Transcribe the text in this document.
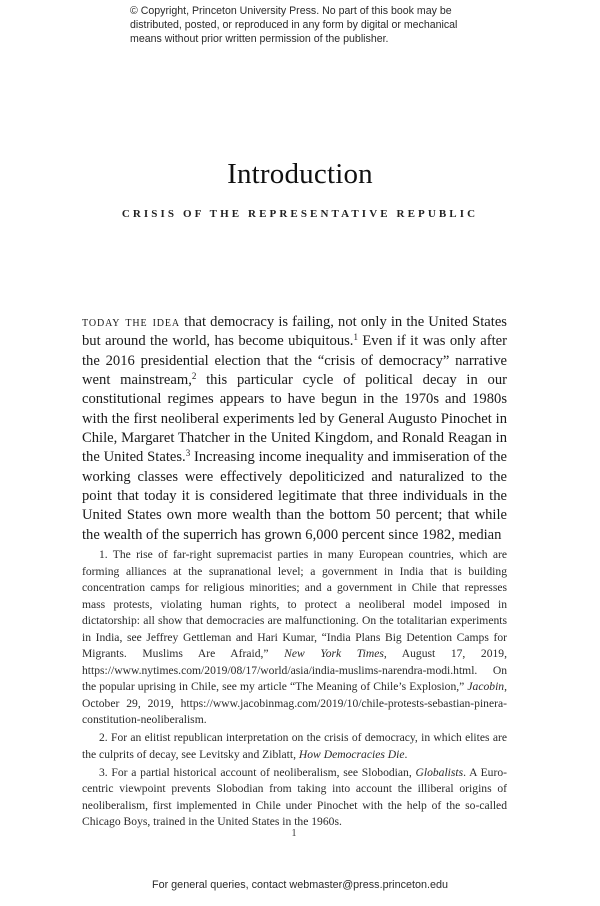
© Copyright, Princeton University Press. No part of this book may be distributed, posted, or reproduced in any form by digital or mechanical means without prior written permission of the publisher.

Introduction
CRISIS OF THE REPRESENTATIVE REPUBLIC

today the idea that democracy is failing, not only in the United States but around the world, has become ubiquitous.$^1$ Even if it was only after the 2016 presidential election that the “crisis of democracy” narrative went mainstream,$^2$ this particular cycle of political decay in our constitutional regimes appears to have begun in the 1970s and 1980s with the first neoliberal experiments led by General Augusto Pinochet in Chile, Margaret Thatcher in the United Kingdom, and Ronald Reagan in the United States.$^3$ Increasing income inequality and immiseration of the working classes were effectively depoliticized and naturalized to the point that today it is considered legitimate that three individuals in the United States own more wealth than the bottom 50 percent; that while the wealth of the superrich has grown 6,000 percent since 1982, median

1. The rise of far-right supremacist parties in many European countries, which are forming alliances at the supranational level; a government in India that is building concentration camps for religious minorities; and a government in Chile that represses mass protests, violating human rights, to protect a neoliberal model imposed in dictatorship: all show that democracies are malfunctioning. On the totalitarian experiments in India, see Jeffrey Gettleman and Hari Kumar, “India Plans Big Detention Camps for Migrants. Muslims Are Afraid,” New York Times, August 17, 2019, https://www.nytimes.com/2019/08/17/world/asia/india-muslims-narendra​-modi.html. On the popular uprising in Chile, see my article “The Meaning of Chile’s Explosion,” Jacobin, October 29, 2019, https://www.jacobinmag.com/2019/10/chile-protests​-sebastian-pinera-constitution-neoliberalism.

2. For an elitist republican interpretation on the crisis of democracy, in which elites are the culprits of decay, see Levitsky and Ziblatt, How Democracies Die.

3. For a partial historical account of neoliberalism, see Slobodian, Globalists. A Euro-centric viewpoint prevents Slobodian from taking into account the illiberal origins of neoliberalism, first implemented in Chile under Pinochet with the help of the so-called Chicago Boys, trained in the United States in the 1960s.

1

For general queries, contact webmaster@press.princeton.edu
